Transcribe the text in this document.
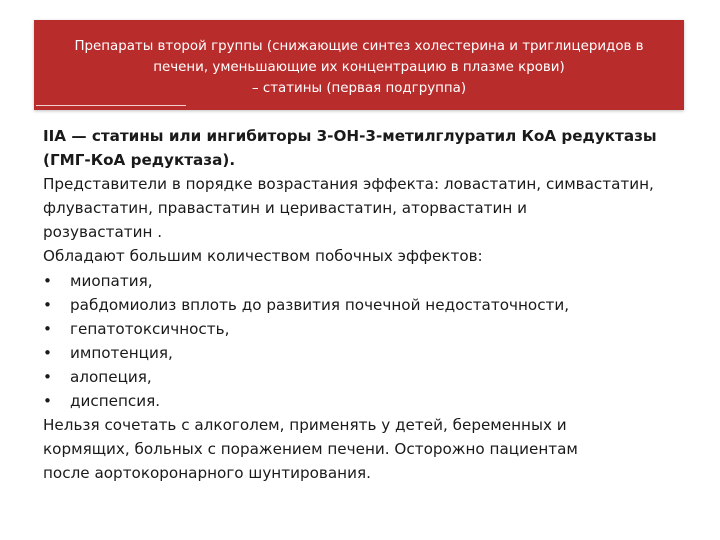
Препараты второй группы (снижающие синтез холестерина и триглицеридов в
печени, уменьшающие их концентрацию в плазме крови)
– статины (первая подгруппа)

IIА — статины или ингибиторы 3-ОН-3-метилглуратил КоА редуктазы
(ГМГ-КоА редуктаза).

Представители в порядке возрастания эффекта: ловастатин, симвастатин,
флувастатин, правастатин и церивастатин, аторвастатин и
розувастатин .

Обладают большим количеством побочных эффектов:

• миопатия,

• рабдомиолиз вплоть до развития почечной недостаточности,

• гепатотоксичность,

• импотенция,

• алопеция,

• диспепсия.

Нельзя сочетать с алкоголем, применять у детей, беременных и
кормящих, больных с поражением печени. Осторожно пациентам
после аортокоронарного шунтирования.
